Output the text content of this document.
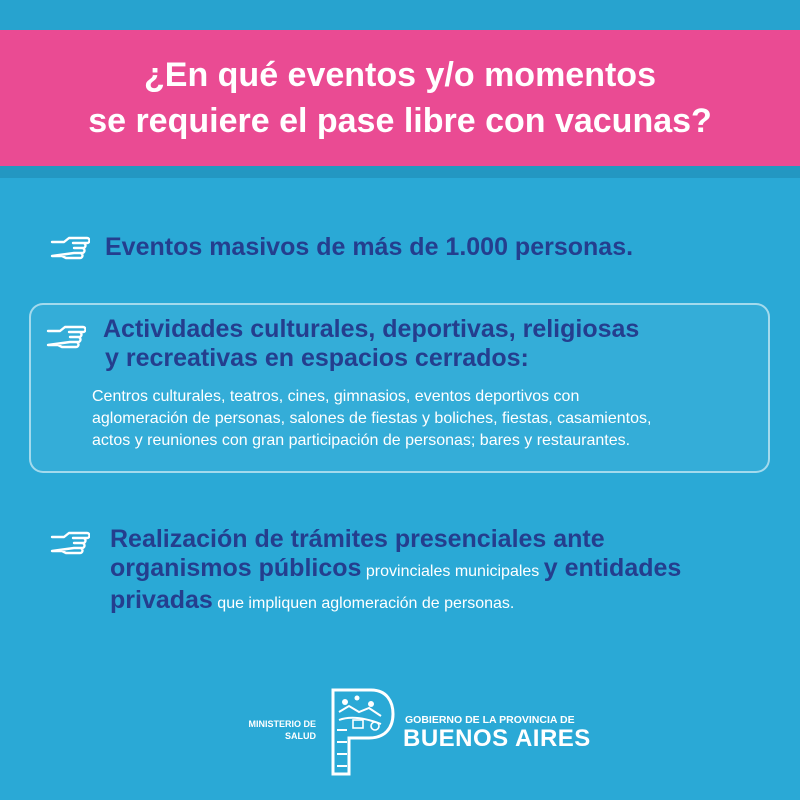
¿En qué eventos y/o momentos
se requiere el pase libre con vacunas?
Eventos masivos de más de 1.000 personas.
Actividades culturales, deportivas, religiosas
y recreativas en espacios cerrados:
Centros culturales, teatros, cines, gimnasios, eventos deportivos con
aglomeración de personas, salones de fiestas y boliches, fiestas, casamientos,
actos y reuniones con gran participación de personas; bares y restaurantes.
Realización de trámites presenciales ante
organismos públicos provinciales municipales y entidades
privadas que impliquen aglomeración de personas.
MINISTERIO DE
SALUD
GOBIERNO DE LA PROVINCIA DE
BUENOS AIRES
